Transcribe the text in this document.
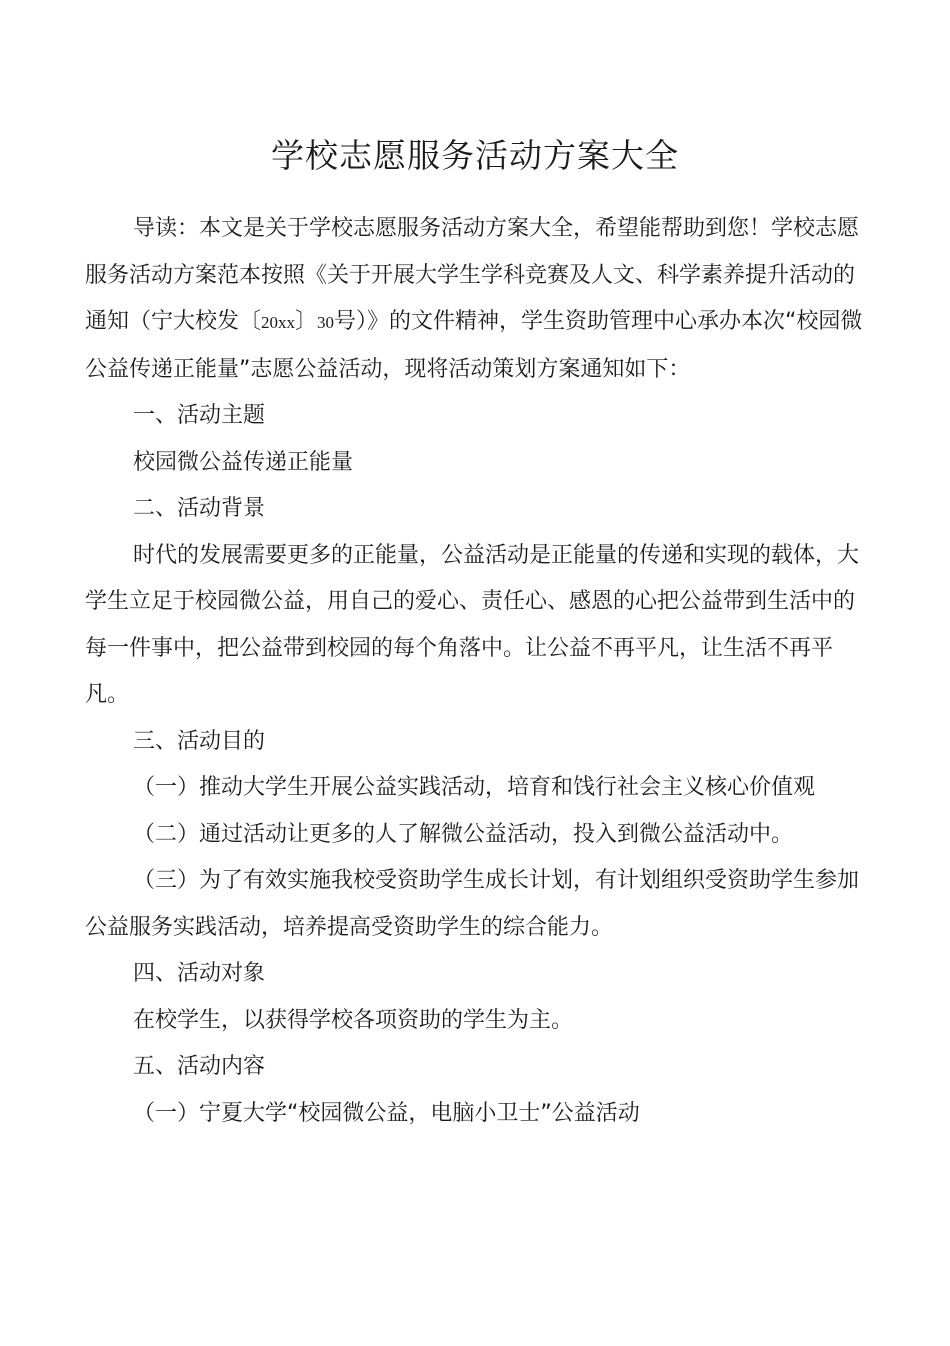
学校志愿服务活动方案大全

导读：本文是关于学校志愿服务活动方案大全，希望能帮助到您！学校志愿服务活动方案范本按照《关于开展大学生学科竞赛及人文、科学素养提升活动的通知（宁大校发〔20xx〕30号）》的文件精神，学生资助管理中心承办本次“校园微公益传递正能量”志愿公益活动，现将活动策划方案通知如下：

一、活动主题

校园微公益传递正能量

二、活动背景

时代的发展需要更多的正能量，公益活动是正能量的传递和实现的载体，大学生立足于校园微公益，用自己的爱心、责任心、感恩的心把公益带到生活中的每一件事中，把公益带到校园的每个角落中。让公益不再平凡，让生活不再平凡。

三、活动目的

（一）推动大学生开展公益实践活动，培育和饯行社会主义核心价值观

（二）通过活动让更多的人了解微公益活动，投入到微公益活动中。

（三）为了有效实施我校受资助学生成长计划，有计划组织受资助学生参加公益服务实践活动，培养提高受资助学生的综合能力。

四、活动对象

在校学生，以获得学校各项资助的学生为主。

五、活动内容

（一）宁夏大学“校园微公益，电脑小卫士”公益活动
